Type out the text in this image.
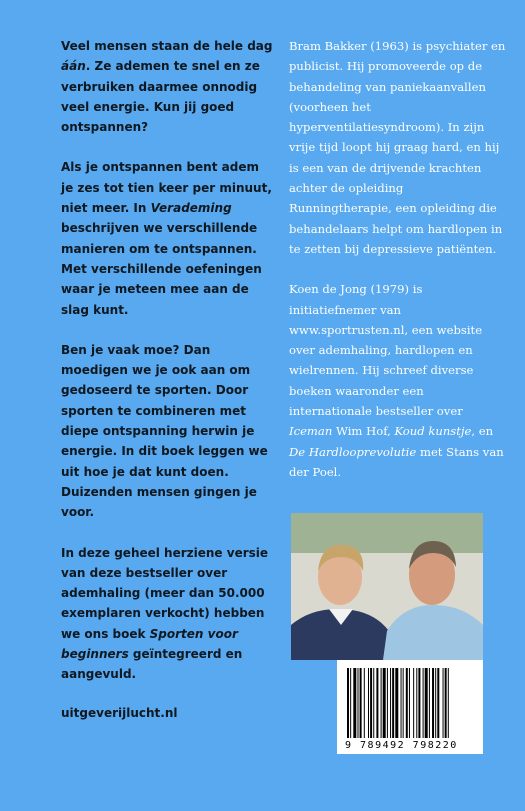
Veel mensen staan de hele dag áán. Ze ademen te snel en ze verbruiken daarmee onnodig veel energie. Kun jij goed ontspannen?

Als je ontspannen bent adem je zes tot tien keer per minuut, niet meer. In Verademing beschrijven we verschillende manieren om te ontspannen. Met verschillende oefeningen waar je meteen mee aan de slag kunt.

Ben je vaak moe? Dan moedigen we je ook aan om gedoseerd te sporten. Door sporten te combineren met diepe ontspanning herwin je energie. In dit boek leggen we uit hoe je dat kunt doen. Duizenden mensen gingen je voor.

In deze geheel herziene versie van deze bestseller over ademhaling (meer dan 50.000 exemplaren verkocht) hebben we ons boek Sporten voor beginners geïntegreerd en aangevuld.

Bram Bakker (1963) is psychiater en publicist. Hij promoveerde op de behandeling van paniekaanvallen (voorheen het hyperventilatiesyndroom). In zijn vrije tijd loopt hij graag hard, en hij is een van de drijvende krachten achter de opleiding Runningtherapie, een opleiding die behandelaars helpt om hardlopen in te zetten bij depressieve patiënten.

Koen de Jong (1979) is initiatiefnemer van www.sportrusten.nl, een website over ademhaling, hardlopen en wielrennen. Hij schreef diverse boeken waaronder een internationale bestseller over Iceman Wim Hof, Koud kunstje, en De Hardlooprevolutie met Stans van der Poel.

9 789492 798220
uitgeverijlucht.nl
